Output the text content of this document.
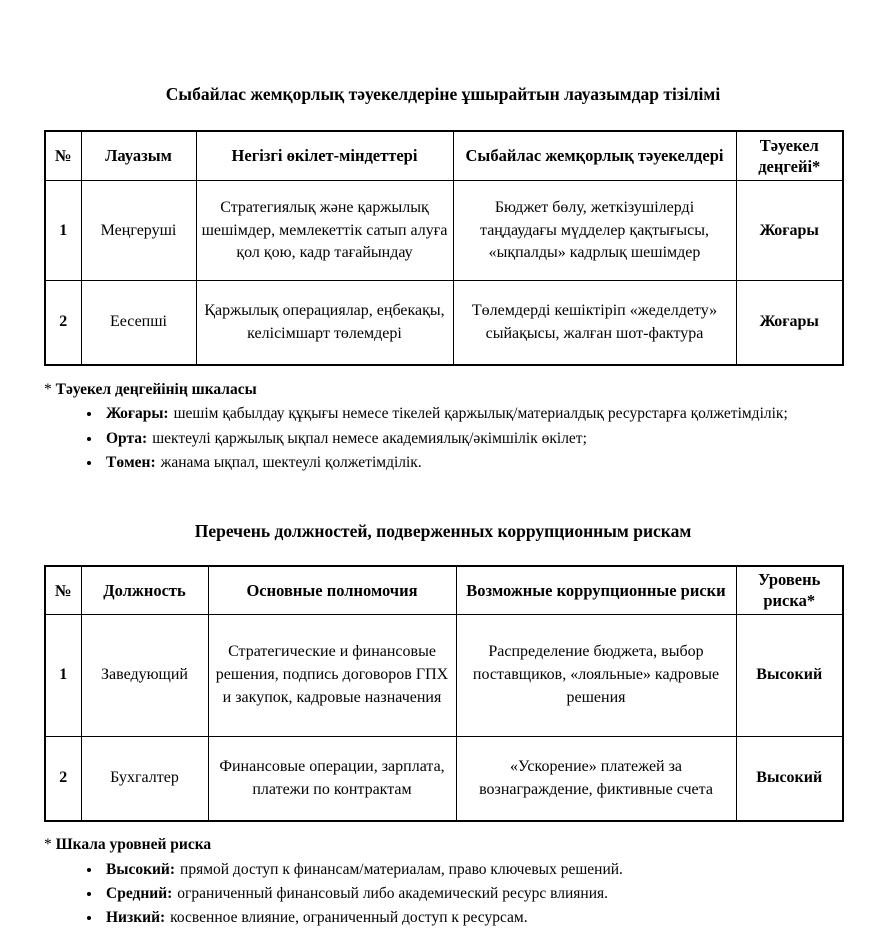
Сыбайлас жемқорлық тәуекелдеріне ұшырайтын лауазымдар тізілімі
№	Лауазым	Негізгі өкілет-міндеттері	Сыбайлас жемқорлық тәуекелдері	Тәуекел деңгейі*
1	Меңгеруші	Стратегиялық және қаржылық шешімдер, мемлекеттік сатып алуға қол қою, кадр тағайындау	Бюджет бөлу, жеткізушілерді таңдаудағы мүдделер қақтығысы, «ықпалды» кадрлық шешімдер	Жоғары
2	Еесепші	Қаржылық операциялар, еңбекақы, келісімшарт төлемдері	Төлемдерді кешіктіріп «жеделдету» сыйақысы, жалған шот-фактура	Жоғары

* Тәуекел деңгейінің шкаласы

• Жоғары: шешім қабылдау құқығы немесе тікелей қаржылық/материалдық ресурстарға қолжетімділік;
• Орта: шектеулі қаржылық ықпал немесе академиялық/әкімшілік өкілет;
• Төмен: жанама ықпал, шектеулі қолжетімділік.
Перечень должностей, подверженных коррупционным рискам
№	Должность	Основные полномочия	Возможные коррупционные риски	Уровень риска*
1	Заведующий	Стратегические и финансовые решения, подпись договоров ГПХ и закупок, кадровые назначения	Распределение бюджета, выбор поставщиков, «лояльные» кадровые решения	Высокий
2	Бухгалтер	Финансовые операции, зарплата, платежи по контрактам	«Ускорение» платежей за вознаграждение, фиктивные счета	Высокий

* Шкала уровней риска

• Высокий: прямой доступ к финансам/материалам, право ключевых решений.
• Средний: ограниченный финансовый либо академический ресурс влияния.
• Низкий: косвенное влияние, ограниченный доступ к ресурсам.
